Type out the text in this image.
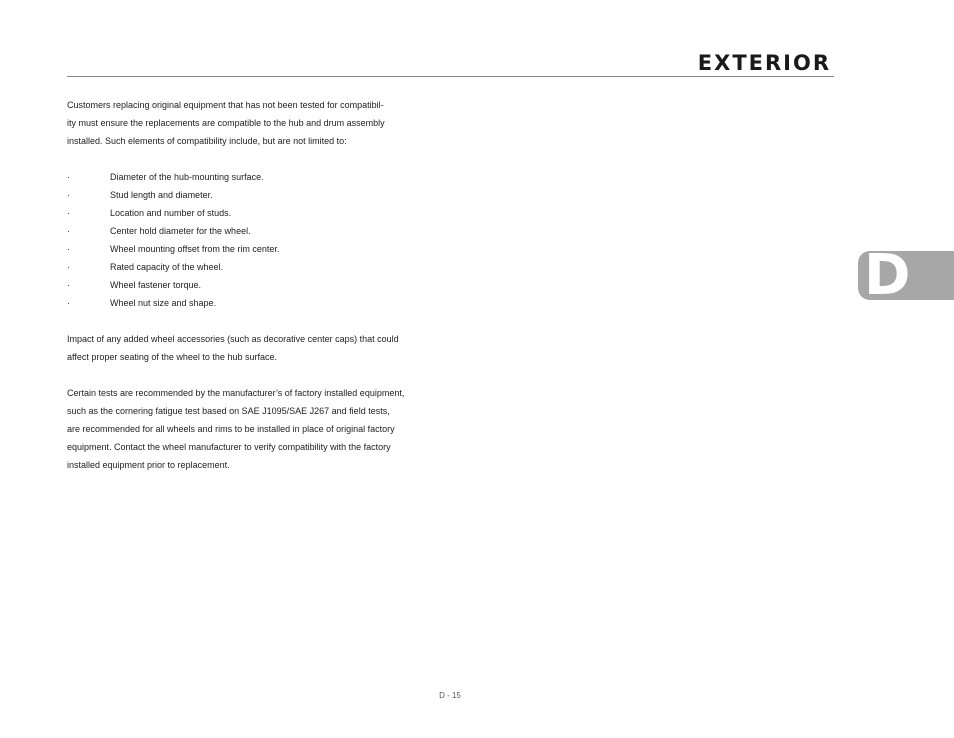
EXTERIOR
D

Customers replacing original equipment that has not been tested for compatibil-
ity must ensure the replacements are compatible to the hub and drum assembly
installed. Such elements of compatibility include, but are not limited to:

·	Diameter of the hub-mounting surface.
·	Stud length and diameter.
·	Location and number of studs.
·	Center hold diameter for the wheel.
·	Wheel mounting offset from the rim center.
·	Rated capacity of the wheel.
·	Wheel fastener torque.
·	Wheel nut size and shape.

Impact of any added wheel accessories (such as decorative center caps) that could
affect proper seating of the wheel to the hub surface.

Certain tests are recommended by the manufacturer’s of factory installed equipment,
such as the cornering fatigue test based on SAE J1095/SAE J267 and field tests,
are recommended for all wheels and rims to be installed in place of original factory
equipment. Contact the wheel manufacturer to verify compatibility with the factory
installed equipment prior to replacement.

D - 15
